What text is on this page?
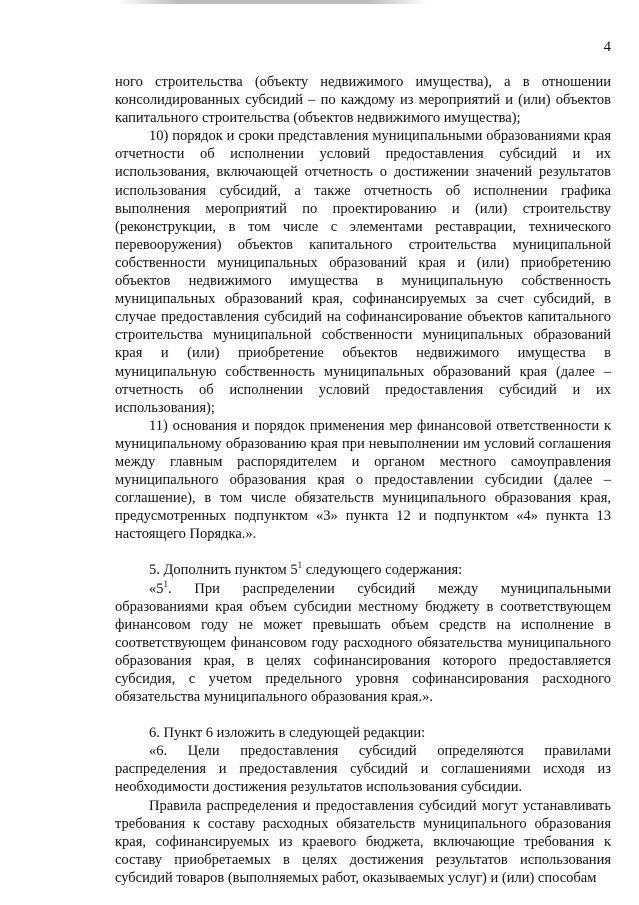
4

ного строительства (объекту недвижимого имущества), а в отношении консолидированных субсидий – по каждому из мероприятий и (или) объектов капитального строительства (объектов недвижимого имущества);

10) порядок и сроки представления муниципальными образованиями края отчетности об исполнении условий предоставления субсидий и их использования, включающей отчетность о достижении значений результатов использования субсидий, а также отчетность об исполнении графика выполнения мероприятий по проектированию и (или) строительству (реконструкции, в том числе с элементами реставрации, технического перевооружения) объектов капитального строительства муниципальной собственности муниципальных образований края и (или) приобретению объектов недвижимого имущества в муниципальную собственность муниципальных образований края, софинансируемых за счет субсидий, в случае предоставления субсидий на софинансирование объектов капитального строительства муниципальной собственности муниципальных образований края и (или) приобретение объектов недвижимого имущества в муниципальную собственность муниципальных образований края (далее – отчетность об исполнении условий предоставления субсидий и их использования);

11) основания и порядок применения мер финансовой ответственности к муниципальному образованию края при невыполнении им условий соглашения между главным распорядителем и органом местного самоуправления муниципального образования края о предоставлении субсидии (далее – соглашение), в том числе обязательств муниципального образования края, предусмотренных подпунктом «3» пункта 12 и подпунктом «4» пункта 13 настоящего Порядка.».

5. Дополнить пунктом $5^1$ следующего содержания:

«$5^1$. При распределении субсидий между муниципальными образованиями края объем субсидии местному бюджету в соответствующем финансовом году не может превышать объем средств на исполнение в соответствующем финансовом году расходного обязательства муниципального образования края, в целях софинансирования которого предоставляется субсидия, с учетом предельного уровня софинансирования расходного обязательства муниципального образования края.».

6. Пункт 6 изложить в следующей редакции:

«6. Цели предоставления субсидий определяются правилами распределения и предоставления субсидий и соглашениями исходя из необходимости достижения результатов использования субсидии.

Правила распределения и предоставления субсидий могут устанавливать требования к составу расходных обязательств муниципального образования края, софинансируемых из краевого бюджета, включающие требования к составу приобретаемых в целях достижения результатов использования субсидий товаров (выполняемых работ, оказываемых услуг) и (или) способам
